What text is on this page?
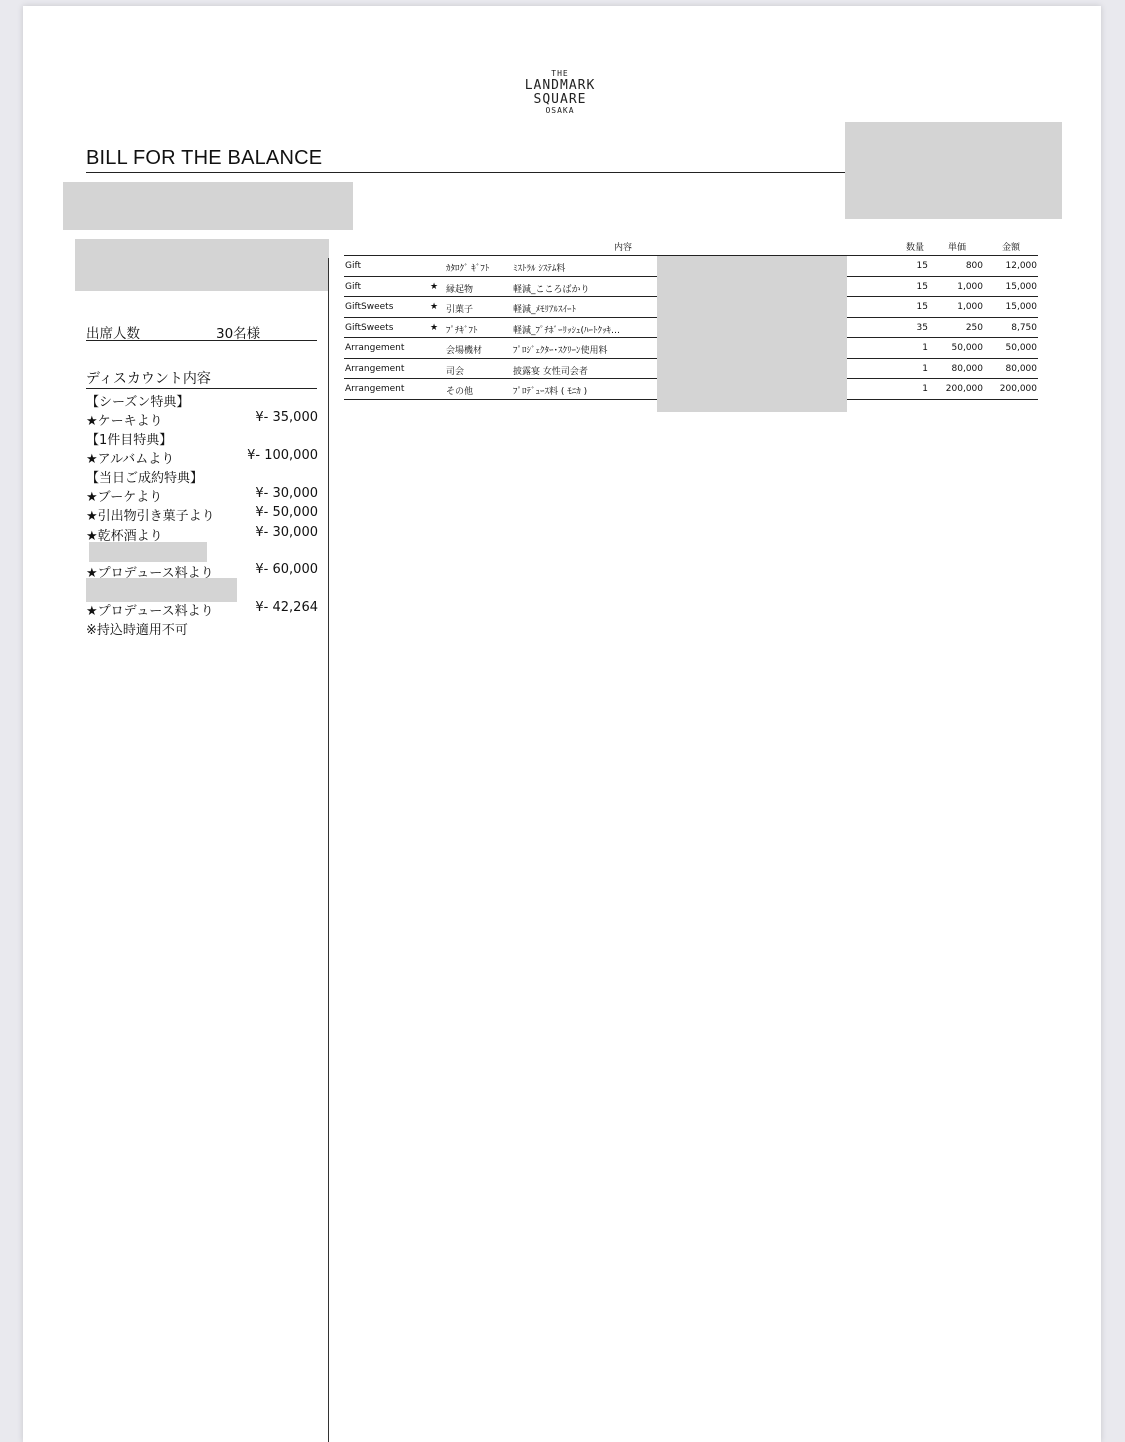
THE
LANDMARK
SQUARE
OSAKA
BILL FOR THE BALANCE
出席人数	30名様
ディスカウント内容
【シーズン特典】
★ケーキより	¥- 35,000
【1件目特典】
★アルバムより	¥- 100,000
【当日ご成約特典】
★ブーケより	¥- 30,000
★引出物引き菓子より	¥- 50,000
★乾杯酒より	¥- 30,000
★プロデュース料より	¥- 60,000
★プロデュース料より	¥- 42,264
※持込時適用不可
内容	数量	単価	金額
Gift	ｶﾀﾛｸﾞ ｷﾞﾌﾄ	ﾐｽﾄﾗﾙ ｼｽﾃﾑ料	15	800	12,000
Gift	★ 縁起物	軽減_こころばかり	15	1,000	15,000
GiftSweets	★ 引菓子	軽減_ﾒﾓﾘｱﾙｽｲｰﾄ	15	1,000	15,000
GiftSweets	★ ﾌﾟﾁｷﾞﾌﾄ	軽減_ﾌﾟﾁﾎﾞｰﾘｯｼｭ(ﾊｰﾄｸｯｷ…	35	250	8,750
Arrangement	会場機材	ﾌﾟﾛｼﾞｪｸﾀｰ･ｽｸﾘｰﾝ使用料	1	50,000	50,000
Arrangement	司会	披露宴 女性司会者	1	80,000	80,000
Arrangement	その他	ﾌﾟﾛﾃﾞｭｰｽ料 ( ﾓﾆｶ )	1 200,000 200,000
